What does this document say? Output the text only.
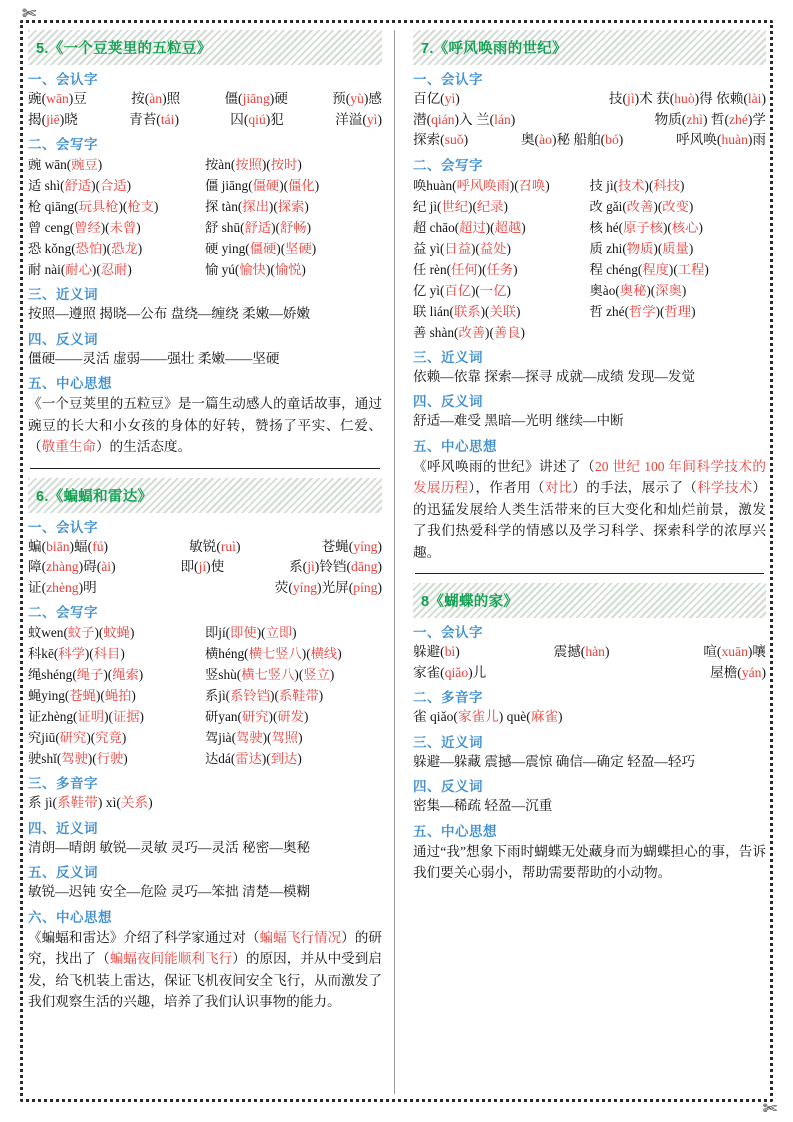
✄
✄
5.《一个豆荚里的五粒豆》
一、会认字
豌(wān)豆	按(àn)照	僵(jiāng)硬	预(yù)感
揭(jiē)晓	青苔(tái)	囚(qiú)犯	洋溢(yì)
二、会写字
豌 wān(豌豆)	按àn(按照)(按时)
适 shì(舒适)(合适)	僵 jiāng(僵硬)(僵化)
枪 qiāng(玩具枪)(枪支)	探 tàn(探出)(探索)
曾 ceng(曾经)(未曾)	舒 shū(舒适)(舒畅)
恐 kǒng(恐怕)(恐龙)	硬 ying(僵硬)(坚硬)
耐 nài(耐心)(忍耐)	愉 yú(愉快)(愉悦)
三、近义词
按照—遵照 揭晓—公布 盘绕—缠绕 柔嫩—娇嫩
四、反义词
僵硬——灵活 虚弱——强壮 柔嫩——坚硬
五、中心思想
《一个豆荚里的五粒豆》是一篇生动感人的童话故事，通过豌豆的长大和小女孩的身体的好转，赞扬了平实、仁爱、（敬重生命）的生活态度。
6.《蝙蝠和雷达》
一、会认字
蝙(biān)蝠(fú)	敏锐(ruì)	苍蝇(yíng)
障(zhàng)碍(ài)	即(jí)使	系(jì)铃铛(dāng)
证(zhèng)明	荧(yíng)光屏(píng)
二、会写字
蚊wen(蚊子)(蚊蝇)	即jí(即使)(立即)
科kē(科学)(科目)	横héng(横七竖八)(横线)
绳shéng(绳子)(绳索)	竖shù(横七竖八)(竖立)
蝇ying(苍蝇)(蝇拍)	系jì(系铃铛)(系鞋带)
证zhèng(证明)(证据)	研yan(研究)(研发)
究jiū(研究)(究竟)	驾jià(驾驶)(驾照)
驶shǐ(驾驶)(行驶)	达dá(雷达)(到达)
三、多音字
系 jì(系鞋带) xì(关系)
四、近义词
清朗—晴朗 敏锐—灵敏 灵巧—灵活 秘密—奥秘
五、反义词
敏锐—迟钝 安全—危险 灵巧—笨拙 清楚—模糊
六、中心思想
《蝙蝠和雷达》介绍了科学家通过对（蝙蝠飞行情况）的研究，找出了（蝙蝠夜间能顺利飞行）的原因，并从中受到启发，给飞机装上雷达，保证飞机夜间安全飞行，从而激发了我们观察生活的兴趣，培养了我们认识事物的能力。
7.《呼风唤雨的世纪》
一、会认字
百亿(yì)	技(jì)术 获(huò)得 依赖(lài)
潜(qián)入 兰(lán)	物质(zhì) 哲(zhé)学
探索(suǒ)	奥(ào)秘 船舶(bó)	呼风唤(huàn)雨
二、会写字
唤huàn(呼风唤雨)(召唤)	技 jì(技术)(科技)
纪 jì(世纪)(纪录)	改 gǎi(改善)(改变)
超 chāo(超过)(超越)	核 hé(原子核)(核心)
益 yì(日益)(益处)	质 zhi(物质)(质量)
任 rèn(任何)(任务)	程 chéng(程度)(工程)
亿 yì(百亿)(一亿)	奥ào(奥秘)(深奥)
联 lián(联系)(关联)	哲 zhé(哲学)(哲理)
善 shàn(改善)(善良)
三、近义词
依赖—依靠 探索—探寻 成就—成绩 发现—发觉
四、反义词
舒适—难受 黑暗—光明 继续—中断
五、中心思想
《呼风唤雨的世纪》讲述了（20 世纪 100 年间科学技术的发展历程），作者用（对比）的手法，展示了（科学技术）的迅猛发展给人类生活带来的巨大变化和灿烂前景，激发了我们热爱科学的情感以及学习科学、探索科学的浓厚兴趣。
8《蝴蝶的家》
一、会认字
躲避(bì)	震撼(hàn)	喧(xuān)嚷
家雀(qiǎo)儿	屋檐(yán)
二、多音字
雀 qiǎo(家雀儿) què(麻雀)
三、近义词
躲避—躲藏 震撼—震惊 确信—确定 轻盈—轻巧
四、反义词
密集—稀疏 轻盈—沉重
五、中心思想
通过“我”想象下雨时蝴蝶无处藏身而为蝴蝶担心的事，告诉我们要关心弱小，帮助需要帮助的小动物。
